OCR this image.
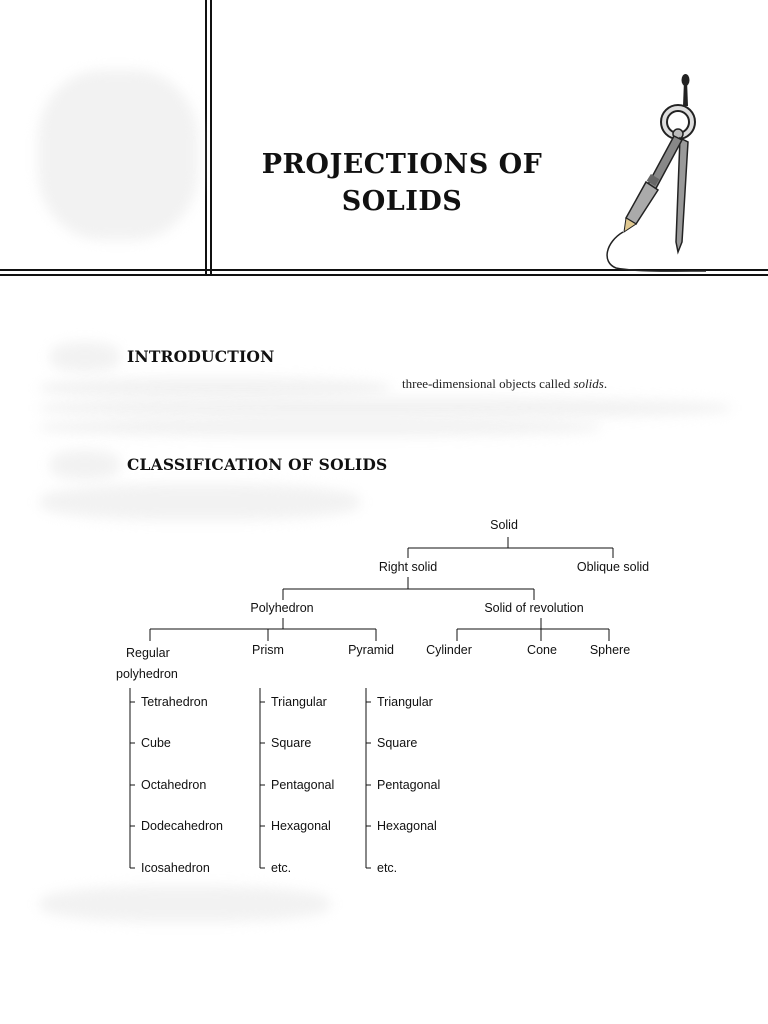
PROJECTIONS OF
SOLIDS
INTRODUCTION
three-dimensional objects called solids.
CLASSIFICATION OF SOLIDS
Solid
Right solid	Oblique solid
Polyhedron	Solid of revolution
Regular
polyhedron
Prism	Pyramid	Cylinder	Cone	Sphere
Tetrahedron
Cube
Octahedron
Dodecahedron
Icosahedron
Triangular
Square
Pentagonal
Hexagonal
etc.
Triangular
Square
Pentagonal
Hexagonal
etc.
